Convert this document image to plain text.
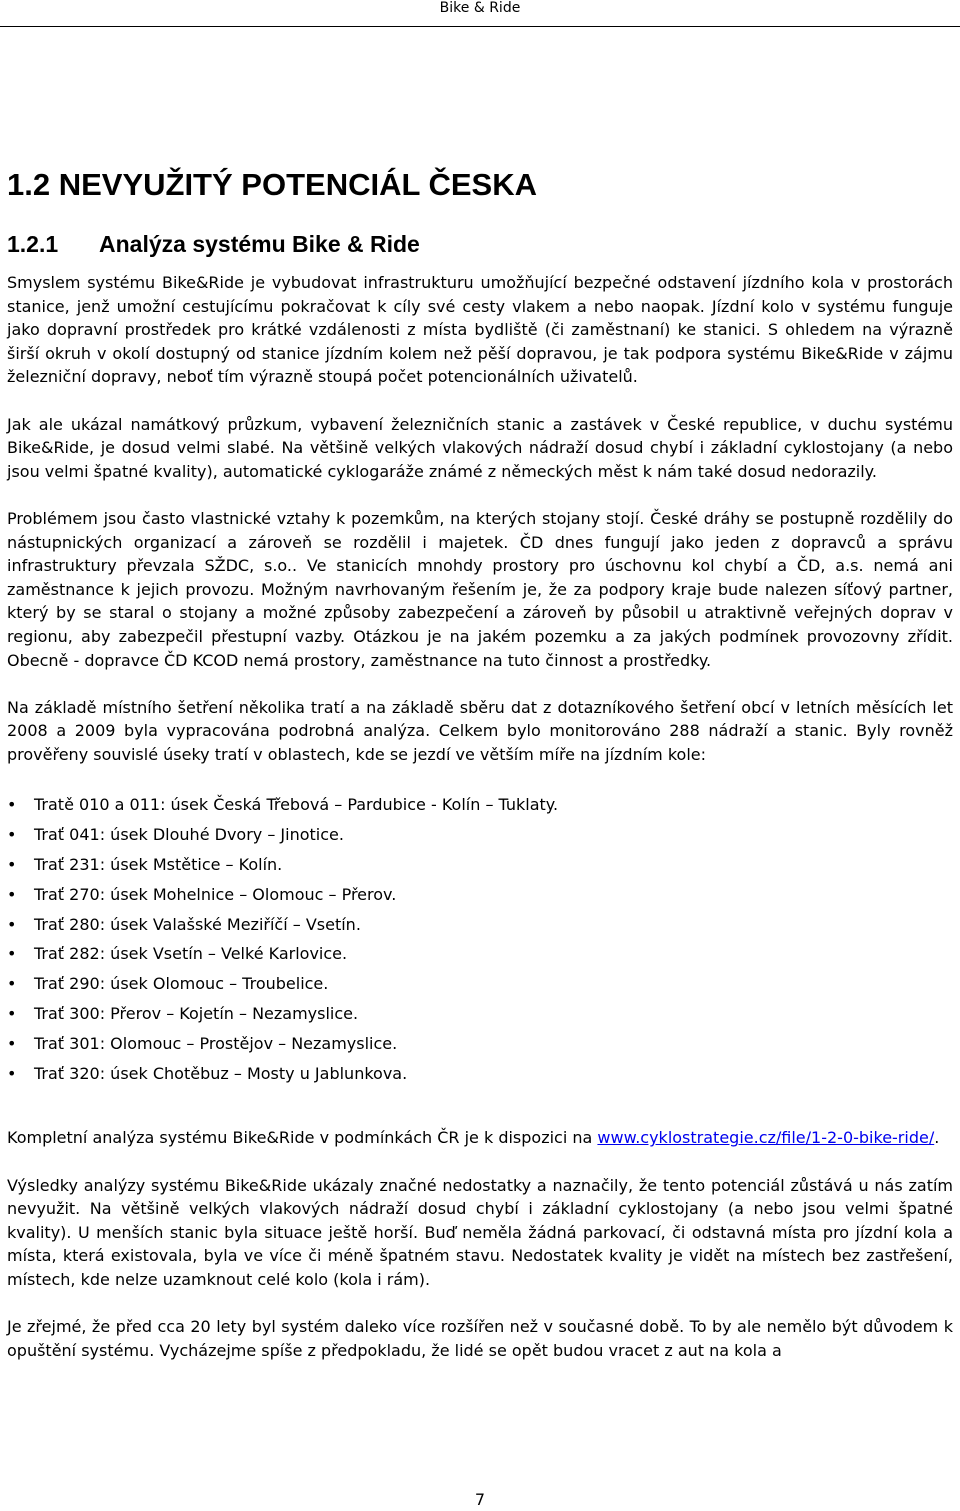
Bike & Ride
1.2 NEVYUŽITÝ POTENCIÁL ČESKA
1.2.1 Analýza systému Bike & Ride

Smyslem systému Bike&Ride je vybudovat infrastrukturu umožňující bezpečné odstavení jízdního kola v prostorách stanice, jenž umožní cestujícímu pokračovat k cíly své cesty vlakem a nebo naopak. Jízdní kolo v systému funguje jako dopravní prostředek pro krátké vzdálenosti z místa bydliště (či zaměstnaní) ke stanici. S ohledem na výrazně širší okruh v okolí dostupný od stanice jízdním kolem než pěší dopravou, je tak podpora systému Bike&Ride v zájmu železniční dopravy, neboť tím výrazně stoupá počet potencionálních uživatelů.

Jak ale ukázal namátkový průzkum, vybavení železničních stanic a zastávek v České republice, v duchu systému Bike&Ride, je dosud velmi slabé. Na většině velkých vlakových nádraží dosud chybí i základní cyklostojany (a nebo jsou velmi špatné kvality), automatické cyklogaráže známé z německých měst k nám také dosud nedorazily.

Problémem jsou často vlastnické vztahy k pozemkům, na kterých stojany stojí. České dráhy se postupně rozdělily do nástupnických organizací a zároveň se rozdělil i majetek. ČD dnes fungují jako jeden z dopravců a správu infrastruktury převzala SŽDC, s.o.. Ve stanicích mnohdy prostory pro úschovnu kol chybí a ČD, a.s. nemá ani zaměstnance k jejich provozu. Možným navrhovaným řešením je, že za podpory kraje bude nalezen síťový partner, který by se staral o stojany a možné způsoby zabezpečení a zároveň by působil u atraktivně veřejných doprav v regionu, aby zabezpečil přestupní vazby. Otázkou je na jakém pozemku a za jakých podmínek provozovny zřídit. Obecně - dopravce ČD KCOD nemá prostory, zaměstnance na tuto činnost a prostředky.

Na základě místního šetření několika tratí a na základě sběru dat z dotazníkového šetření obcí v letních měsících let 2008 a 2009 byla vypracována podrobná analýza. Celkem bylo monitorováno 288 nádraží a stanic. Byly rovněž prověřeny souvislé úseky tratí v oblastech, kde se jezdí ve větším míře na jízdním kole:

• Tratě 010 a 011: úsek Česká Třebová – Pardubice - Kolín – Tuklaty.
• Trať 041: úsek Dlouhé Dvory – Jinotice.
• Trať 231: úsek Mstětice – Kolín.
• Trať 270: úsek Mohelnice – Olomouc – Přerov.
• Trať 280: úsek Valašské Meziříčí – Vsetín.
• Trať 282: úsek Vsetín – Velké Karlovice.
• Trať 290: úsek Olomouc – Troubelice.
• Trať 300: Přerov – Kojetín – Nezamyslice.
• Trať 301: Olomouc – Prostějov – Nezamyslice.
• Trať 320: úsek Chotěbuz – Mosty u Jablunkova.

Kompletní analýza systému Bike&Ride v podmínkách ČR je k dispozici na www.cyklostrategie.cz/file/1-2-0-bike-ride/.

Výsledky analýzy systému Bike&Ride ukázaly značné nedostatky a naznačily, že tento potenciál zůstává u nás zatím nevyužit. Na většině velkých vlakových nádraží dosud chybí i základní cyklostojany (a nebo jsou velmi špatné kvality). U menších stanic byla situace ještě horší. Buď neměla žádná parkovací, či odstavná místa pro jízdní kola a místa, která existovala, byla ve více či méně špatném stavu. Nedostatek kvality je vidět na místech bez zastřešení, místech, kde nelze uzamknout celé kolo (kola i rám).

Je zřejmé, že před cca 20 lety byl systém daleko více rozšířen než v současné době. To by ale nemělo být důvodem k opuštění systému. Vycházejme spíše z předpokladu, že lidé se opět budou vracet z aut na kola a

7
